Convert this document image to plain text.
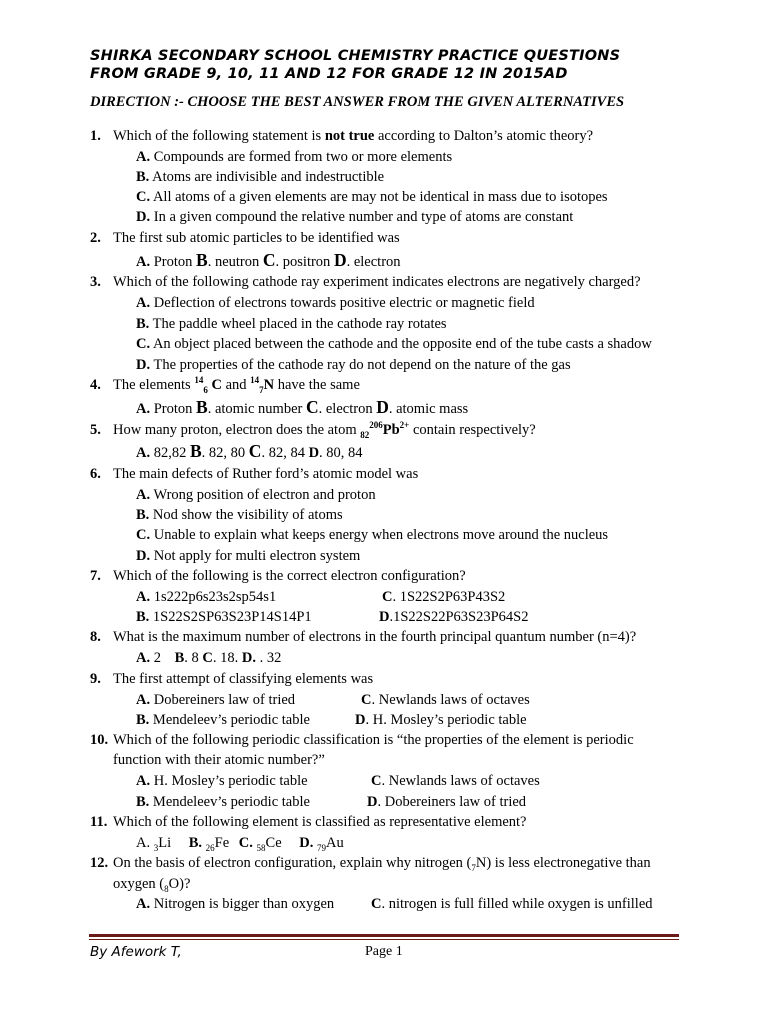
SHIRKA SECONDARY SCHOOL CHEMISTRY PRACTICE QUESTIONS
FROM GRADE 9, 10, 11 AND 12 FOR GRADE 12 IN 2015AD
DIRECTION :- CHOOSE THE BEST ANSWER FROM THE GIVEN ALTERNATIVES
1. Which of the following statement is not true according to Dalton’s atomic theory?
A. Compounds are formed from two or more elements
B. Atoms are indivisible and indestructible
C. All atoms of a given elements are may not be identical in mass due to isotopes
D. In a given compound the relative number and type of atoms are constant
2. The first sub atomic particles to be identified was
A. Proton B. neutron C. positron D. electron
3. Which of the following cathode ray experiment indicates electrons are negatively charged?
A. Deflection of electrons towards positive electric or magnetic field
B. The paddle wheel placed in the cathode ray rotates
C. An object placed between the cathode and the opposite end of the tube casts a shadow
D. The properties of the cathode ray do not depend on the nature of the gas
4. The elements $^{14}_6$ C and $^{14}_7$N have the same
A. Proton B. atomic number C. electron D. atomic mass
5. How many proton, electron does the atom $_{82}^{206}Pb^{2+}$ contain respectively?
A. 82,82 B. 82, 80 C. 82, 84 D. 80, 84
6. The main defects of Ruther ford’s atomic model was
A. Wrong position of electron and proton
B. Nod show the visibility of atoms
C. Unable to explain what keeps energy when electrons move around the nucleus
D. Not apply for multi electron system
7. Which of the following is the correct electron configuration?
A. 1s222p6s23s2sp54s1	C. 1S22S2P63P43S2
B. 1S22S2SP63S23P14S14P1	D.1S22S22P63S23P64S2
8. What is the maximum number of electrons in the fourth principal quantum number (n=4)?
A. 2 B. 8 C. 18. D. . 32
9. The first attempt of classifying elements was
A. Dobereiners law of tried	C. Newlands laws of octaves
B. Mendeleev’s periodic table	D. H. Mosley’s periodic table
10. Which of the following periodic classification is “the properties of the element is periodic
function with their atomic number?”
A. H. Mosley’s periodic table	C. Newlands laws of octaves
B. Mendeleev’s periodic table	D. Dobereiners law of tried
11. Which of the following element is classified as representative element?
A. $_3$Li B. $_{26}$Fe C. $_{58}$Ce D. $_{79}$Au
12. On the basis of electron configuration, explain why nitrogen $(_7N)$ is less electronegative than
oxygen $(_8O)$?
A. Nitrogen is bigger than oxygen	C. nitrogen is full filled while oxygen is unfilled
By Afework T,	Page 1
